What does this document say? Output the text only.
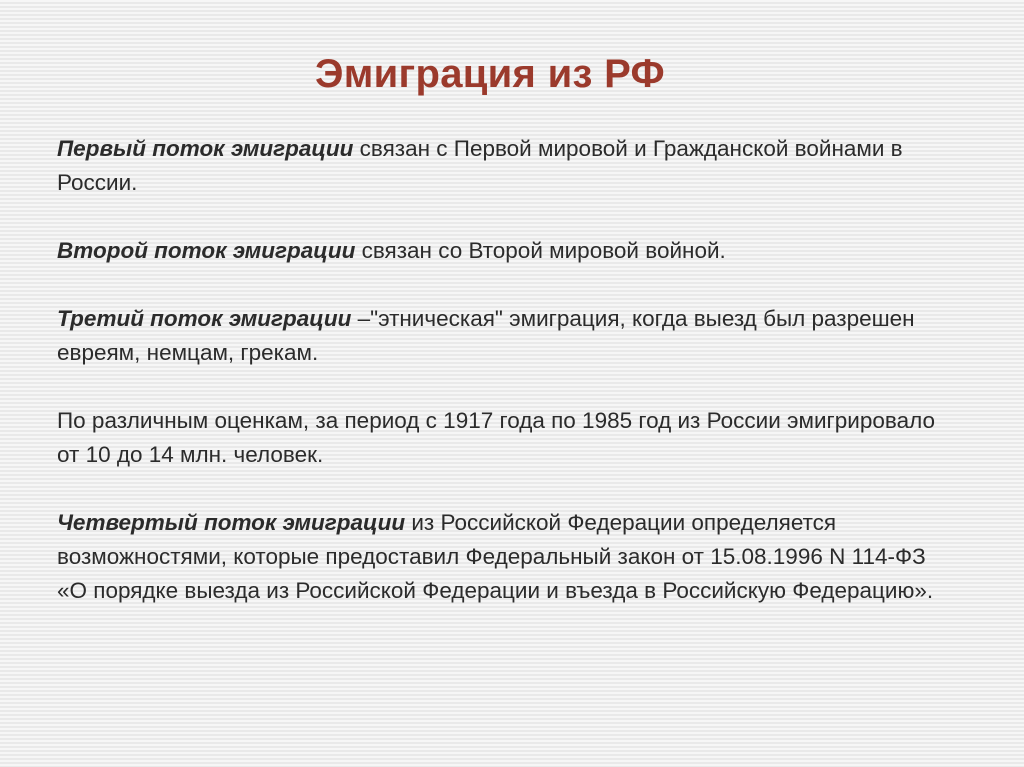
Эмиграция из РФ

Первый поток эмиграции связан с Первой мировой и Гражданской войнами в России.

Второй поток эмиграции связан со Второй мировой войной.

Третий поток эмиграции –"этническая" эмиграция, когда выезд был разрешен евреям, немцам, грекам.

По различным оценкам, за период с 1917 года по 1985 год из России эмигрировало от 10 до 14 млн. человек.

Четвертый поток эмиграции из Российской Федерации определяется возможностями, которые предоставил Федеральный закон от 15.08.1996 N 114-ФЗ «О порядке выезда из Российской Федерации и въезда в Российскую Федерацию».
